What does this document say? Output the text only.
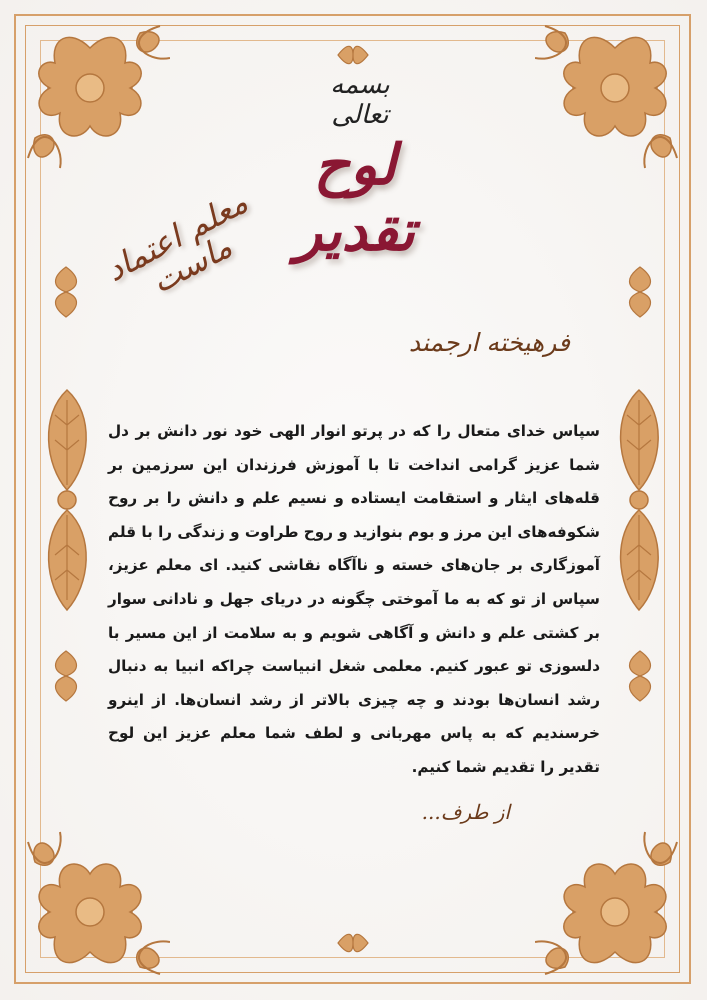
بسمه تعالی
لوح تقدیر
معلم اعتماد ماست
فرهیخته ارجمند
سپاس خدای متعال را که در پرتو انوار الهی خود نور دانش بر دل شما عزیز گرامی انداخت تا با آموزش فرزندان این سرزمین بر قله‌های ایثار و استقامت ایستاده و نسیم علم و دانش را بر روح شکوفه‌های این مرز و بوم بنوازید و روح طراوت و زندگی را با قلم آموزگاری بر جان‌های خسته و ناآگاه نقاشی کنید. ای معلم عزیز، سپاس از تو که به ما آموختی چگونه در دریای جهل و نادانی سوار بر کشتی علم و دانش و آگاهی شویم و به سلامت از این مسیر با دلسوزی تو عبور کنیم. معلمی شغل انبیاست چراکه انبیا به دنبال رشد انسان‌ها بودند و چه چیزی بالاتر از رشد انسان‌ها. از اینرو خرسندیم که به پاس مهربانی و لطف شما معلم عزیز این لوح تقدیر را تقدیم شما کنیم.
از طرف...
